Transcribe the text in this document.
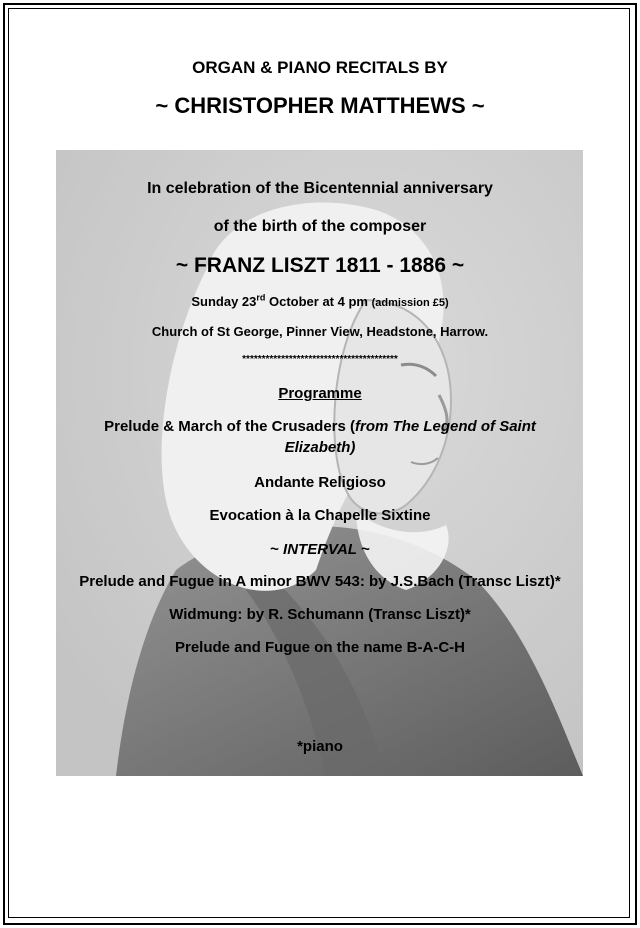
ORGAN & PIANO RECITALS BY
~ CHRISTOPHER MATTHEWS ~
In celebration of the Bicentennial anniversary
of the birth of the composer
~ FRANZ LISZT 1811 - 1886 ~
Sunday 23rd October at 4 pm (admission £5)
Church of St George, Pinner View, Headstone, Harrow.
****************************************
Programme
Prelude & March of the Crusaders (from The Legend of Saint
Elizabeth)
Andante Religioso
Evocation à la Chapelle Sixtine
~ INTERVAL ~
Prelude and Fugue in A minor BWV 543: by J.S.Bach (Transc Liszt)*
Widmung: by R. Schumann (Transc Liszt)*
Prelude and Fugue on the name B-A-C-H
*piano
